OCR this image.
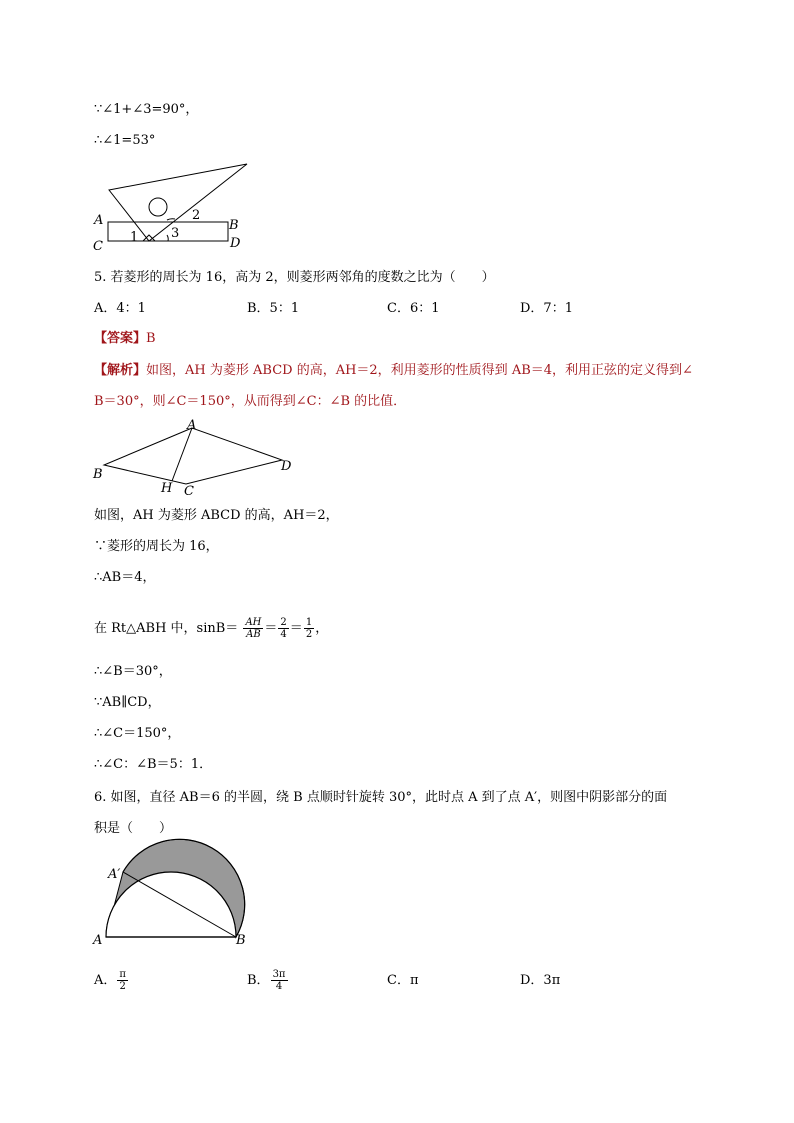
∵∠1+∠3=90°，
∴∠1=53°
A	B
C	D
1
2
3
5. 若菱形的周长为 16，高为 2，则菱形两邻角的度数之比为（　　）
A．4：1	B．5：1	C．6：1	D．7：1
【答案】B
【解析】如图，AH 为菱形 ABCD 的高，AH＝2，利用菱形的性质得到 AB＝4，利用正弦的定义得到∠
B＝30°，则∠C＝150°，从而得到∠C：∠B 的比值．
A
B
C
D
H
如图，AH 为菱形 ABCD 的高，AH＝2，
∵菱形的周长为 16，
∴AB＝4，
在 Rt△ABH 中，$\sin B= \frac{AH}{AB} = \frac{2}{4} = \frac{1}{2}$ ，
∴∠B＝30°，
∵AB∥CD，
∴∠C＝150°，
∴∠C：∠B＝5：1．
6. 如图，直径 AB＝6 的半圆，绕 B 点顺时针旋转 30°，此时点 A 到了点 A′，则图中阴影部分的面
积是（　　）
A′
A	B
A． $\frac{\pi}{2}$	B． $\frac{3\pi}{4}$	C．π	D．3π
